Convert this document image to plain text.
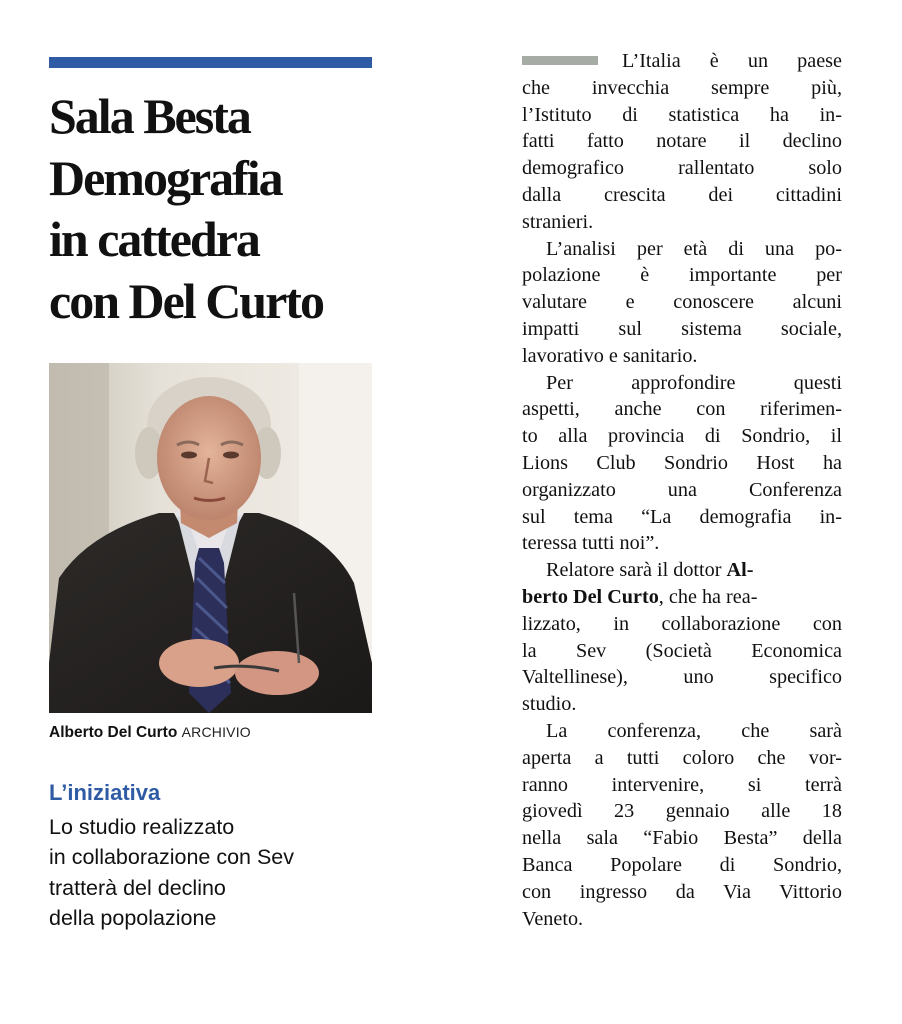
Sala Besta
Demografia
in cattedra
con Del Curto
Alberto Del Curto ARCHIVIO
L’iniziativa

Lo studio realizzato
in collaborazione con Sev
tratterà del declino
della popolazione

L’Italia è un paese
che invecchia sempre più,
l’Istituto di statistica ha in-
fatti fatto notare il declino
demografico rallentato solo
dalla crescita dei cittadini
stranieri.
L’analisi per età di una po-
polazione è importante per
valutare e conoscere alcuni
impatti sul sistema sociale,
lavorativo e sanitario.
Per approfondire questi
aspetti, anche con riferimen-
to alla provincia di Sondrio, il
Lions Club Sondrio Host ha
organizzato una Conferenza
sul tema “La demografia in-
teressa tutti noi”.
Relatore sarà il dottor Al-
berto Del Curto, che ha rea-
lizzato, in collaborazione con
la Sev (Società Economica
Valtellinese), uno specifico
studio.
La conferenza, che sarà
aperta a tutti coloro che vor-
ranno intervenire, si terrà
giovedì 23 gennaio alle 18
nella sala “Fabio Besta” della
Banca Popolare di Sondrio,
con ingresso da Via Vittorio
Veneto.
